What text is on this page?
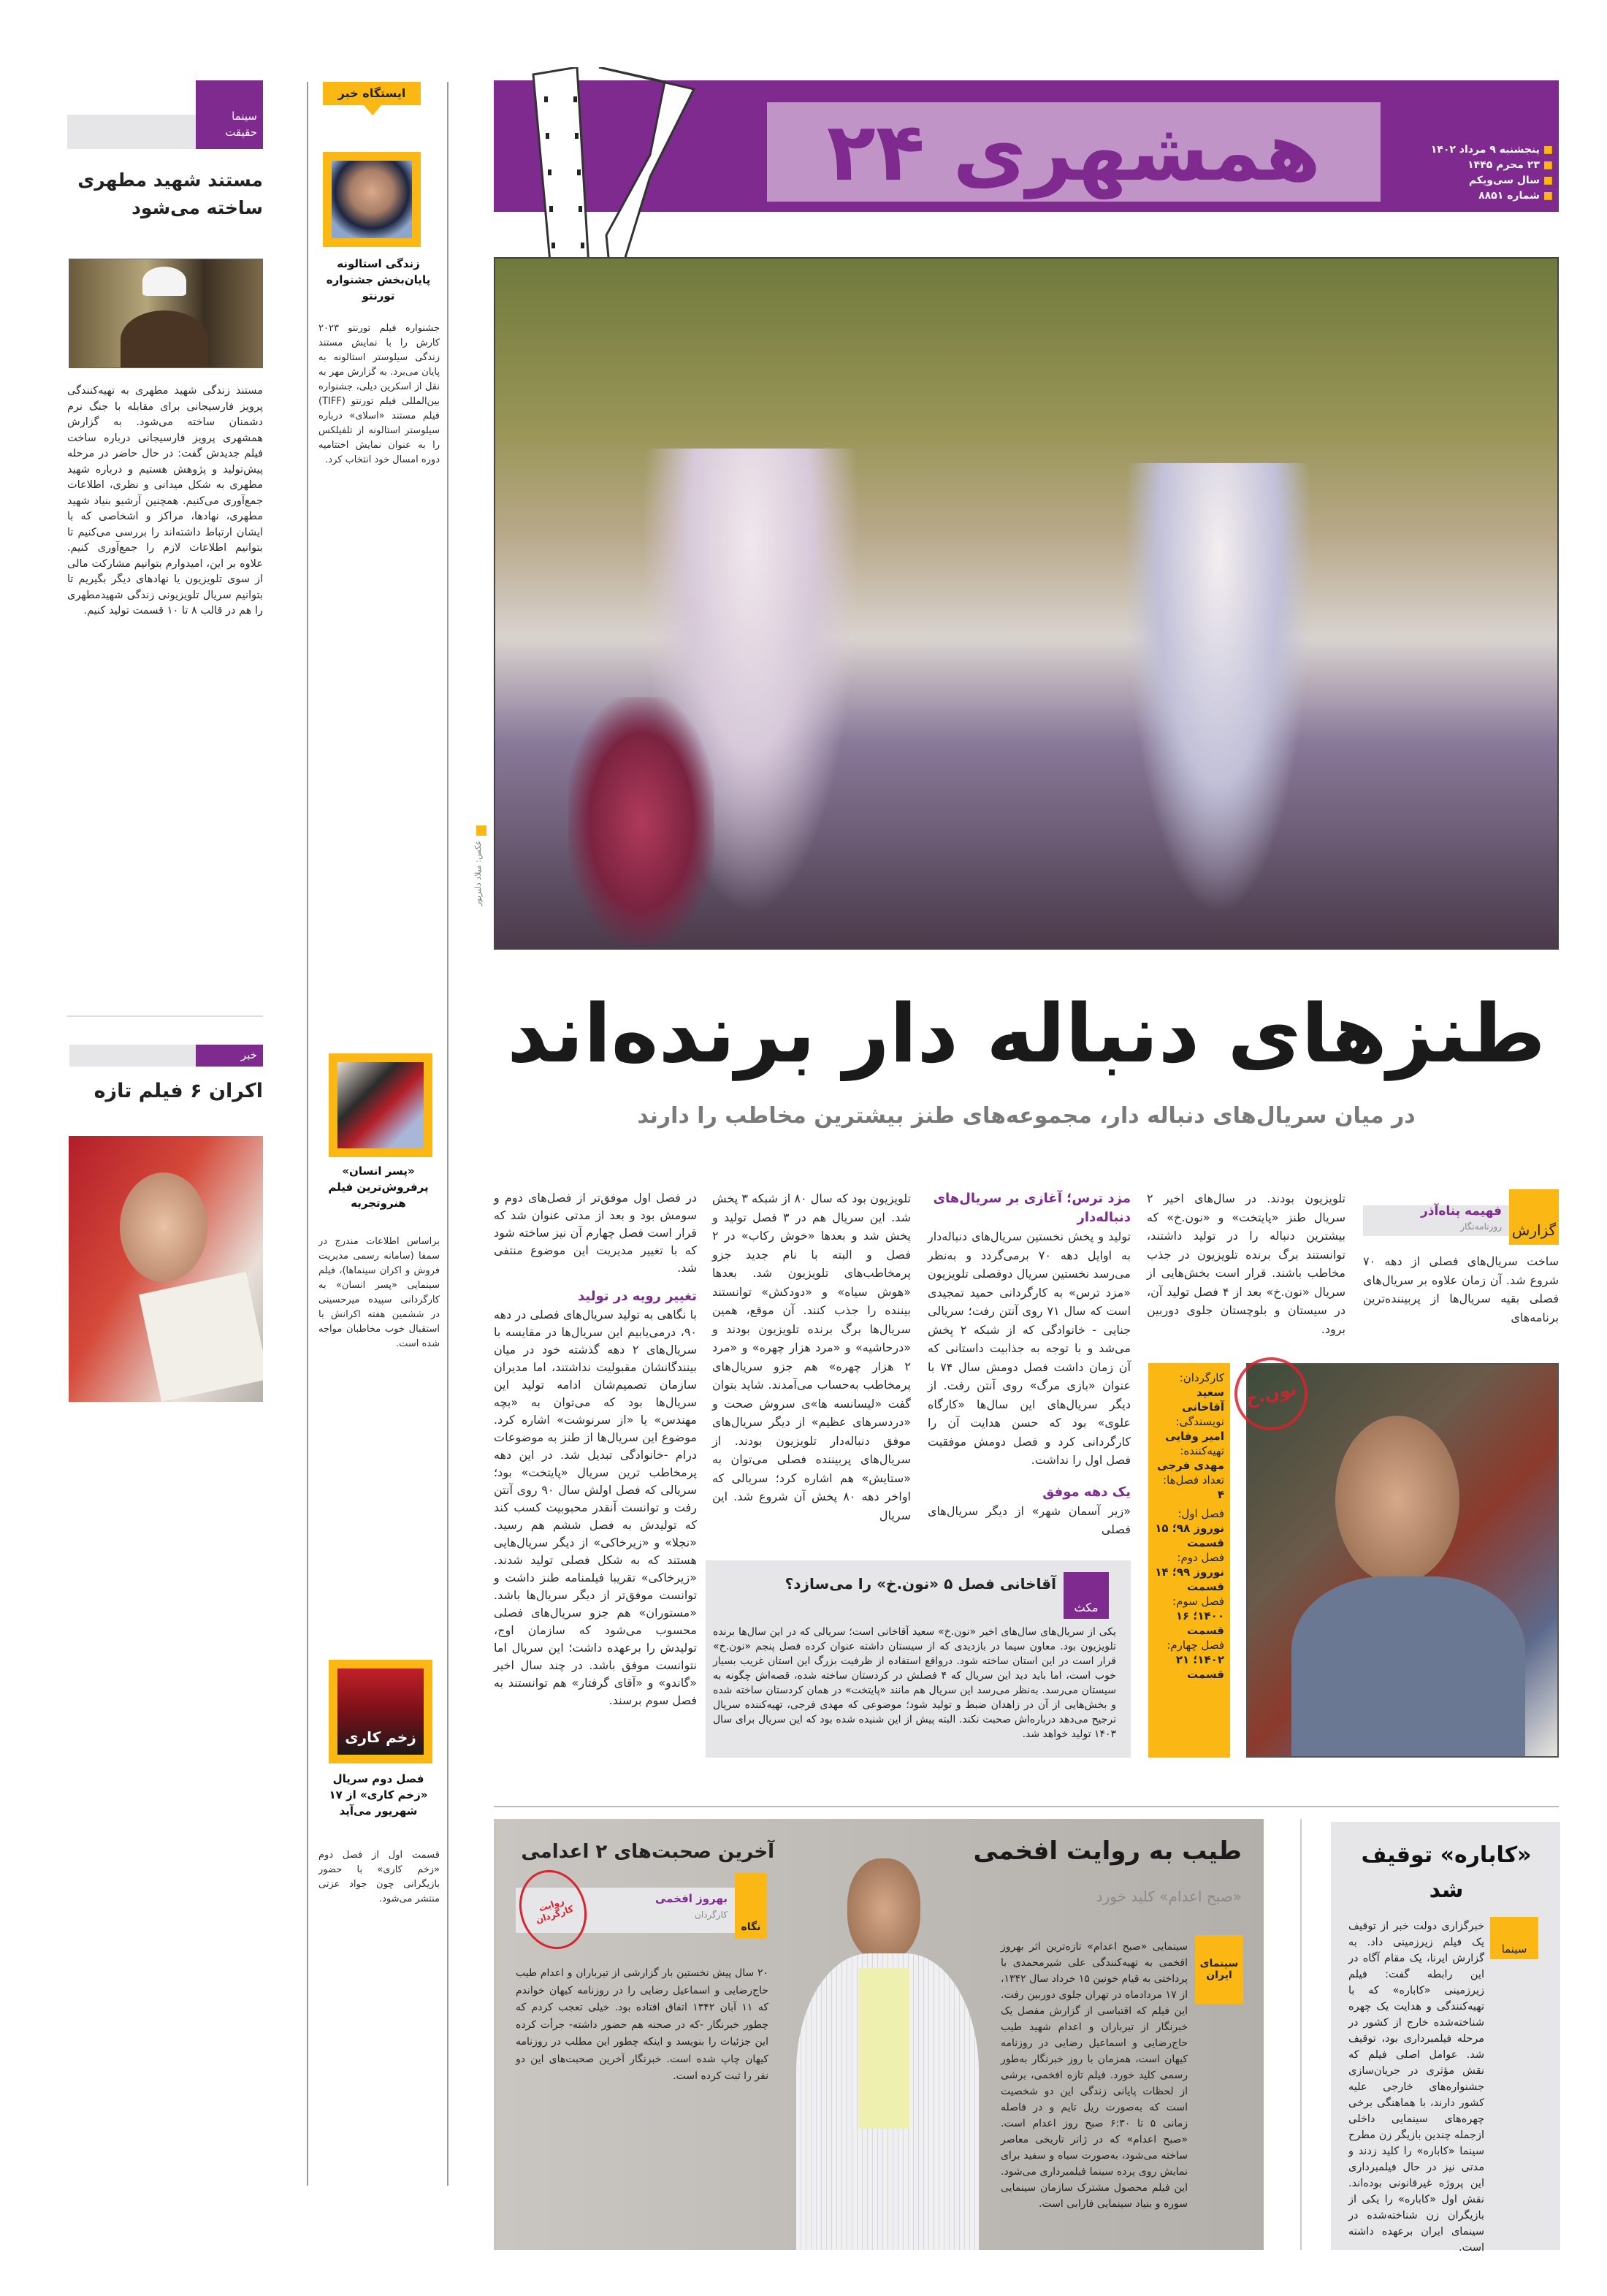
همشهری ۲۴
12
■ پنجشنبه ۹ مرداد ۱۴۰۲
■ ۲۳ محرم ۱۴۴۵
■ سال سی‌ویکم
■ شماره ۸۸۵۱
عکس: میلاد دلبرپور
طنزهای دنباله دار برنده‌اند
در میان سریال‌های دنباله دار، مجموعه‌های طنز بیشترین مخاطب را دارند
گزارش
فهیمه پناه‌آذر
روزنامه‌نگار
ساخت سریال‌های فصلی از دهه ۷۰ شروع شد. آن زمان علاوه بر سریال‌های فصلی بقیه سریال‌ها از پربیننده‌ترین برنامه‌های
تلویزیون بودند. در سال‌های اخیر ۲ سریال طنز «پایتخت» و «نون.خ» که بیشترین دنباله را در تولید داشتند، توانستند برگ برنده تلویزیون در جذب مخاطب باشند. قرار است بخش‌هایی از سریال «نون.خ» بعد از ۴ فصل تولید آن، در سیستان و بلوچستان جلوی دوربین برود.
مزد ترس؛ آغازی بر سریال‌های دنباله‌دار
تولید و پخش نخستین سریال‌های دنباله‌دار به اوایل دهه ۷۰ برمی‌گردد و به‌نظر می‌رسد نخستین سریال دوفصلی تلویزیون «مزد ترس» به کارگردانی حمید تمجیدی است که سال ۷۱ روی آنتن رفت؛ سریالی جنایی - خانوادگی که از شبکه ۲ پخش می‌شد و با توجه به جذابیت داستانی که آن زمان داشت فصل دومش سال ۷۴ با عنوان «بازی مرگ» روی آنتن رفت. از دیگر سریال‌های این سال‌ها «کارگاه علوی» بود که حسن هدایت آن را کارگردانی کرد و فصل دومش موفقیت فصل اول را نداشت.
یک دهه موفق
«زیر آسمان شهر» از دیگر سریال‌های فصلی
تلویزیون بود که سال ۸۰ از شبکه ۳ پخش شد. این سریال هم در ۳ فصل تولید و پخش شد و بعدها «خوش رکاب» در ۲ فصل و البته با نام جدید جزو پرمخاطب‌های تلویزیون شد. بعدها «هوش سیاه» و «دودکش» توانستند بیننده را جذب کنند. آن موقع، همین سریال‌ها برگ برنده تلویزیون بودند و «درحاشیه» و «مرد هزار چهره» و «مرد ۲ هزار چهره» هم جزو سریال‌های پرمخاطب به‌حساب می‌آمدند. شاید بتوان گفت «لیسانسه ها»ی سروش صحت و «دردسرهای عظیم» از دیگر سریال‌های موفق دنباله‌دار تلویزیون بودند. از سریال‌های پربیننده فصلی می‌توان به «ستایش» هم اشاره کرد؛ سریالی که اواخر دهه ۸۰ پخش آن شروع شد. این سریال
در فصل اول موفق‌تر از فصل‌های دوم و سومش بود و بعد از مدتی عنوان شد که قرار است فصل چهارم آن نیز ساخته شود که با تغییر مدیریت این موضوع منتفی شد.
تغییر رویه در تولید
با نگاهی به تولید سریال‌های فصلی در دهه ۹۰، درمی‌یابیم این سریال‌ها در مقایسه با سریال‌های ۲ دهه گذشته خود در میان بینندگانشان مقبولیت نداشتند، اما مدیران سازمان تصمیم‌شان ادامه تولید این سریال‌ها بود که می‌توان به «بچه مهندس» یا «از سرنوشت» اشاره کرد. موضوع این سریال‌ها از طنز به موضوعات درام -خانوادگی تبدیل شد. در این دهه پرمخاطب ترین سریال «پایتخت» بود؛ سریالی که فصل اولش سال ۹۰ روی آنتن رفت و توانست آنقدر محبوبیت کسب کند که تولیدش به فصل ششم هم رسید. «نجلا» و «زیرخاکی» از دیگر سریال‌هایی هستند که به شکل فصلی تولید شدند. «زیرخاکی» تقریبا فیلمنامه طنز داشت و توانست موفق‌تر از دیگر سریال‌ها باشد. «مستوران» هم جزو سریال‌های فصلی محسوب می‌شود که سازمان اوج، تولیدش را برعهده داشت؛ این سریال اما نتوانست موفق باشد. در چند سال اخیر «گاندو» و «آقای گرفتار» هم توانستند به فصل سوم برسند.
کارگردان:
سعید آقاخانی
نویسندگی:
امیر وفایی
تهیه‌کننده:
مهدی فرجی
تعداد فصل‌ها:
۴
فصل اول:
نوروز ۹۸؛ ۱۵ قسمت
فصل دوم:
نوروز ۹۹؛ ۱۴ قسمت
فصل سوم:
۱۴۰۰؛ ۱۶ قسمت
فصل چهارم:
۱۴۰۲؛ ۲۱ قسمت
نون.خ
مکث
آقاخانی فصل ۵ «نون.خ» را می‌سازد؟
یکی از سریال‌های سال‌های اخیر «نون.خ» سعید آقاخانی است؛ سریالی که در این سال‌ها برنده تلویزیون بود. معاون سیما در بازدیدی که از سیستان داشته عنوان کرده فصل پنجم «نون.خ» قرار است در این استان ساخته شود. درواقع استفاده از ظرفیت بزرگ این استان غریب بسیار خوب است، اما باید دید این سریال که ۴ فصلش در کردستان ساخته شده، قصه‌اش چگونه به سیستان می‌رسد. به‌نظر می‌رسد این سریال هم مانند «پایتخت» در همان کردستان ساخته شده و بخش‌هایی از آن در زاهدان ضبط و تولید شود؛ موضوعی که مهدی فرجی، تهیه‌کننده سریال ترجیح می‌دهد درباره‌اش صحبت نکند. البته پیش از این شنیده شده بود که این سریال برای سال ۱۴۰۳ تولید خواهد شد.
طیب به روایت افخمی
«صبح اعدام» کلید خورد
سینمای ایران
سینمایی «صبح اعدام» تازه‌ترین اثر بهروز افخمی به تهیه‌کنندگی علی شیرمحمدی با پرداختی به قیام خونین ۱۵ خرداد سال ۱۳۴۲، از ۱۷ مردادماه در تهران جلوی دوربین رفت. این فیلم که اقتباسی از گزارش مفصل یک خبرنگار از تیرباران و اعدام شهید طیب حاج‌رضایی و اسماعیل رضایی در روزنامه کیهان است، همزمان با روز خبرنگار به‌طور رسمی کلید خورد. فیلم تازه افخمی، برشی از لحظات پایانی زندگی این دو شخصیت است که به‌صورت ریل تایم و در فاصله زمانی ۵ تا ۶:۳۰ صبح روز اعدام است. «صبح اعدام» که در ژانر تاریخی معاصر ساخته می‌شود، به‌صورت سیاه و سفید برای نمایش روی پرده سینما فیلمبرداری می‌شود. این فیلم محصول مشترک سازمان سینمایی سوره و بنیاد سینمایی فارابی است.
آخرین صحبت‌های ۲ اعدامی
نگاه
بهروز افخمی
کارگردان
روایت کارگردان
۲۰ سال پیش نخستین بار گزارشی از تیرباران و اعدام طیب حاج‌رضایی و اسماعیل رضایی را در روزنامه کیهان خواندم که ۱۱ آبان ۱۳۴۲ اتفاق افتاده بود. خیلی تعجب کردم که چطور خبرنگار -که در صحنه هم حضور داشته- جرأت کرده این جزئیات را بنویسد و اینکه چطور این مطلب در روزنامه کیهان چاپ شده است. خبرنگار آخرین صحبت‌های این دو نفر را ثبت کرده است.
«کاباره» توقیف شد
سینما
خبرگزاری دولت خبر از توقیف یک فیلم زیرزمینی داد. به گزارش ایرنا، یک مقام آگاه در این رابطه گفت: فیلم زیرزمینی «کاباره» که با تهیه‌کنندگی و هدایت یک چهره شناخته‌شده خارج از کشور در مرحله فیلمبرداری بود، توقیف شد. عوامل اصلی فیلم که نقش مؤثری در جریان‌سازی جشنواره‌های خارجی علیه کشور دارند، با هماهنگی برخی چهره‌های سینمایی داخلی ازجمله چندین بازیگر زن مطرح سینما «کاباره» را کلید زدند و مدتی نیز در حال فیلمبرداری این پروژه غیرقانونی بوده‌اند. نقش اول «کاباره» را یکی از بازیگران زن شناخته‌شده در سینمای ایران برعهده داشته است.
سینما
حقیقت
مستند شهید مطهری ساخته می‌شود
مستند زندگی شهید مطهری به تهیه‌کنندگی پرویز فارسیجانی برای مقابله با جنگ نرم دشمنان ساخته می‌شود. به گزارش همشهری پرویز فارسیجانی درباره ساخت فیلم جدیدش گفت: در حال حاضر در مرحله پیش‌تولید و پژوهش هستیم و درباره شهید مطهری به شکل میدانی و نظری، اطلاعات جمع‌آوری می‌کنیم. همچنین آرشیو بنیاد شهید مطهری، نهادها، مراکز و اشخاصی که با ایشان ارتباط داشته‌اند را بررسی می‌کنیم تا بتوانیم اطلاعات لازم را جمع‌آوری کنیم. علاوه بر این، امیدوارم بتوانیم مشارکت مالی از سوی تلویزیون یا نهادهای دیگر بگیریم تا بتوانیم سریال تلویزیونی زندگی شهیدمطهری را هم در قالب ۸ تا ۱۰ قسمت تولید کنیم.
خبر
اکران ۶ فیلم تازه
ایستگاه خبر
زندگی استالونه پایان‌بخش جشنواره تورنتو
جشنواره فیلم تورنتو ۲۰۲۳ کارش را با نمایش مستند زندگی سیلوستر استالونه به پایان می‌برد. به گزارش مهر به نقل از اسکرین دیلی، جشنواره بین‌المللی فیلم تورنتو (TIFF) فیلم مستند «اسلای» درباره سیلوستر استالونه از تلفیلکس را به عنوان نمایش اختتامیه دوره امسال خود انتخاب کرد.
«پسر انسان» پرفروش‌ترین فیلم هنروتجربه
براساس اطلاعات مندرج در سمفا (سامانه رسمی مدیریت فروش و اکران سینماها)، فیلم سینمایی «پسر انسان» به کارگردانی سپیده میرحسینی در ششمین هفته اکرانش با استقبال خوب مخاطبان مواجه شده است.
زخم کاری
فصل دوم سریال «زخم کاری» از ۱۷ شهریور می‌آید
قسمت اول از فصل دوم «زخم کاری» با حضور بازیگرانی چون جواد عزتی منتشر می‌شود.
